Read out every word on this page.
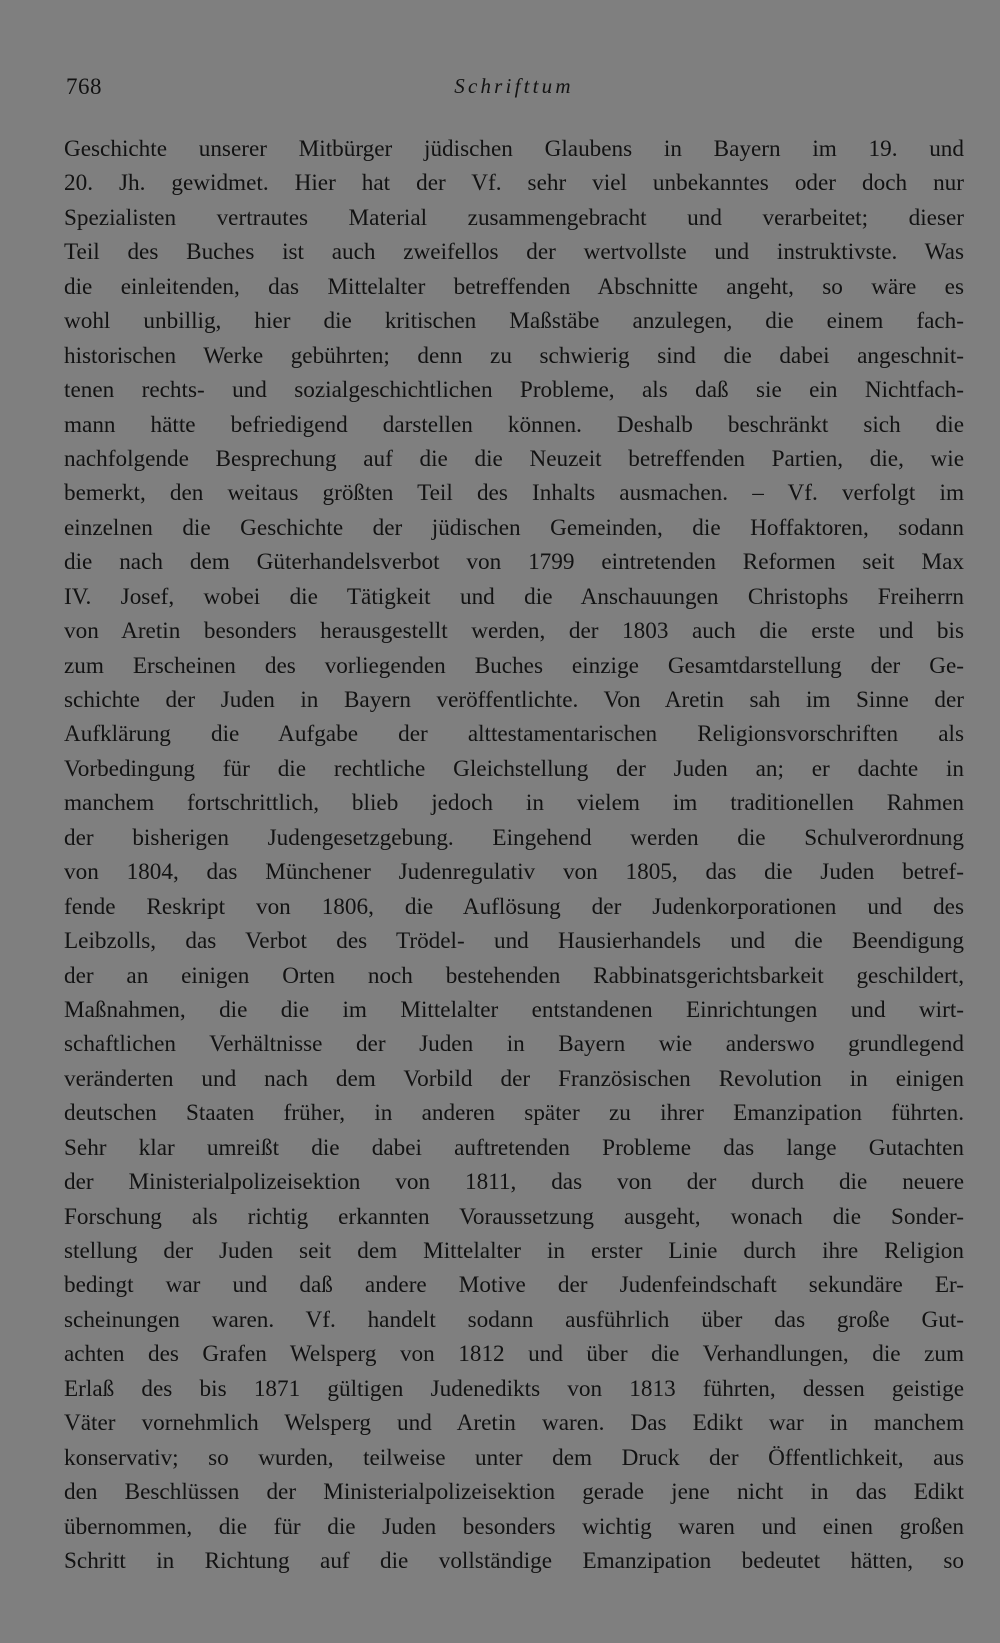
768	Schrifttum
Geschichte unserer Mitbürger jüdischen Glaubens in Bayern im 19. und
20. Jh. gewidmet. Hier hat der Vf. sehr viel unbekanntes oder doch nur
Spezialisten vertrautes Material zusammengebracht und verarbeitet; dieser
Teil des Buches ist auch zweifellos der wertvollste und instruktivste. Was
die einleitenden, das Mittelalter betreffenden Abschnitte angeht, so wäre es
wohl unbillig, hier die kritischen Maßstäbe anzulegen, die einem fach-
historischen Werke gebührten; denn zu schwierig sind die dabei angeschnit-
tenen rechts- und sozialgeschichtlichen Probleme, als daß sie ein Nichtfach-
mann hätte befriedigend darstellen können. Deshalb beschränkt sich die
nachfolgende Besprechung auf die die Neuzeit betreffenden Partien, die, wie
bemerkt, den weitaus größten Teil des Inhalts ausmachen. – Vf. verfolgt im
einzelnen die Geschichte der jüdischen Gemeinden, die Hoffaktoren, sodann
die nach dem Güterhandelsverbot von 1799 eintretenden Reformen seit Max
IV. Josef, wobei die Tätigkeit und die Anschauungen Christophs Freiherrn
von Aretin besonders herausgestellt werden, der 1803 auch die erste und bis
zum Erscheinen des vorliegenden Buches einzige Gesamtdarstellung der Ge-
schichte der Juden in Bayern veröffentlichte. Von Aretin sah im Sinne der
Aufklärung die Aufgabe der alttestamentarischen Religionsvorschriften als
Vorbedingung für die rechtliche Gleichstellung der Juden an; er dachte in
manchem fortschrittlich, blieb jedoch in vielem im traditionellen Rahmen
der bisherigen Judengesetzgebung. Eingehend werden die Schulverordnung
von 1804, das Münchener Judenregulativ von 1805, das die Juden betref-
fende Reskript von 1806, die Auflösung der Judenkorporationen und des
Leibzolls, das Verbot des Trödel- und Hausierhandels und die Beendigung
der an einigen Orten noch bestehenden Rabbinatsgerichtsbarkeit geschildert,
Maßnahmen, die die im Mittelalter entstandenen Einrichtungen und wirt-
schaftlichen Verhältnisse der Juden in Bayern wie anderswo grundlegend
veränderten und nach dem Vorbild der Französischen Revolution in einigen
deutschen Staaten früher, in anderen später zu ihrer Emanzipation führten.
Sehr klar umreißt die dabei auftretenden Probleme das lange Gutachten
der Ministerialpolizeisektion von 1811, das von der durch die neuere
Forschung als richtig erkannten Voraussetzung ausgeht, wonach die Sonder-
stellung der Juden seit dem Mittelalter in erster Linie durch ihre Religion
bedingt war und daß andere Motive der Judenfeindschaft sekundäre Er-
scheinungen waren. Vf. handelt sodann ausführlich über das große Gut-
achten des Grafen Welsperg von 1812 und über die Verhandlungen, die zum
Erlaß des bis 1871 gültigen Judenedikts von 1813 führten, dessen geistige
Väter vornehmlich Welsperg und Aretin waren. Das Edikt war in manchem
konservativ; so wurden, teilweise unter dem Druck der Öffentlichkeit, aus
den Beschlüssen der Ministerialpolizeisektion gerade jene nicht in das Edikt
übernommen, die für die Juden besonders wichtig waren und einen großen
Schritt in Richtung auf die vollständige Emanzipation bedeutet hätten, so
